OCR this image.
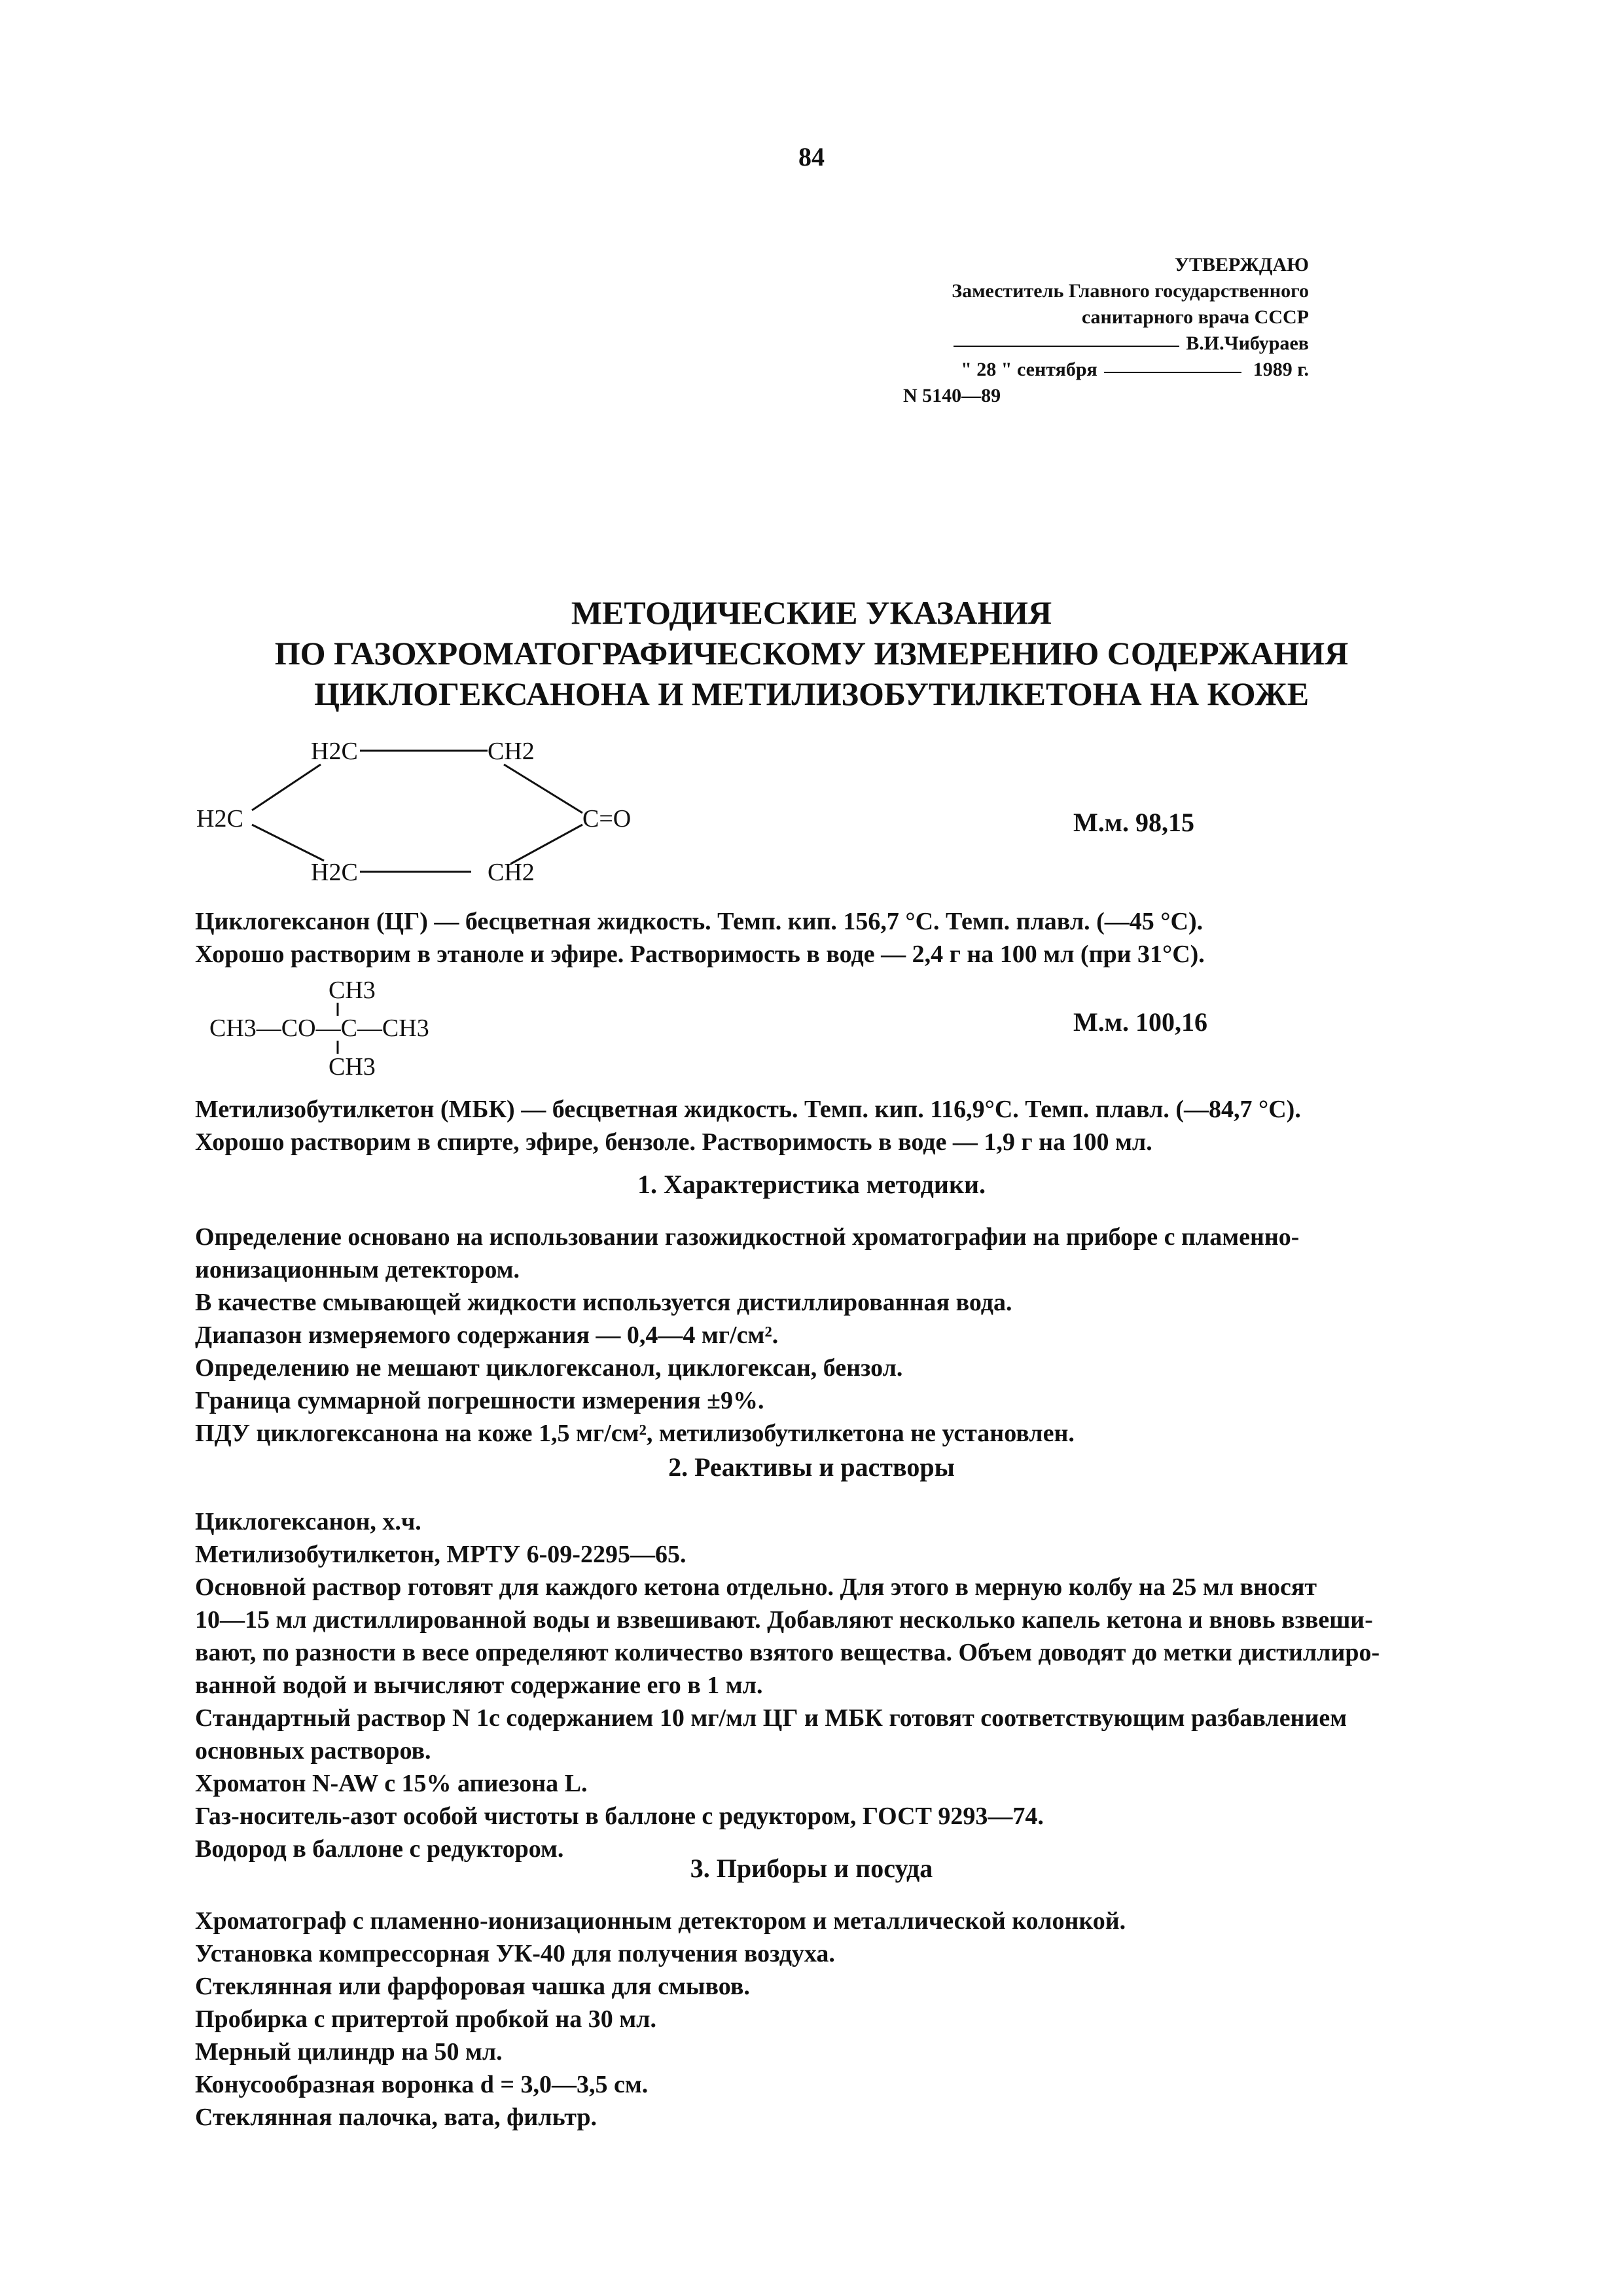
84
УТВЕРЖДАЮ
Заместитель Главного государственного
санитарного врача СССР
В.И.Чибураев
" 28 " сентября	1989 г.
N 5140—89
МЕТОДИЧЕСКИЕ УКАЗАНИЯ
ПО ГАЗОХРОМАТОГРАФИЧЕСКОМУ ИЗМЕРЕНИЮ СОДЕРЖАНИЯ
ЦИКЛОГЕКСАНОНА И МЕТИЛИЗОБУТИЛКЕТОНА НА КОЖЕ
H2C	CH2
H2C	C=O
H2C	CH2
М.м. 98,15
Циклогексанон (ЦГ) — бесцветная жидкость. Темп. кип. 156,7 °С. Темп. плавл. (—45 °С).
Хорошо растворим в этаноле и эфире. Растворимость в воде — 2,4 г на 100 мл (при 31°С).
CH3
CH3—CO—C—CH3
CH3
М.м. 100,16
Метилизобутилкетон (МБК) — бесцветная жидкость. Темп. кип. 116,9°С. Темп. плавл. (—84,7 °С).
Хорошо растворим в спирте, эфире, бензоле. Растворимость в воде — 1,9 г на 100 мл.
1. Характеристика методики.
Определение основано на использовании газожидкостной хроматографии на приборе с пламенно-
ионизационным детектором.
В качестве смывающей жидкости используется дистиллированная вода.
Диапазон измеряемого содержания — 0,4—4 мг/см².
Определению не мешают циклогексанол, циклогексан, бензол.
Граница суммарной погрешности измерения ±9%.
ПДУ циклогексанона на коже 1,5 мг/см², метилизобутилкетона не установлен.
2. Реактивы и растворы
Циклогексанон, х.ч.
Метилизобутилкетон, МРТУ 6-09-2295—65.
Основной раствор готовят для каждого кетона отдельно. Для этого в мерную колбу на 25 мл вносят
10—15 мл дистиллированной воды и взвешивают. Добавляют несколько капель кетона и вновь взвеши-
вают, по разности в весе определяют количество взятого вещества. Объем доводят до метки дистиллиро-
ванной водой и вычисляют содержание его в 1 мл.
Стандартный раствор N 1с содержанием 10 мг/мл ЦГ и МБК готовят соответствующим разбавлением
основных растворов.
Хроматон N-AW с 15% апиезона L.
Газ-носитель-азот особой чистоты в баллоне с редуктором, ГОСТ 9293—74.
Водород в баллоне с редуктором.
3. Приборы и посуда
Хроматограф с пламенно-ионизационным детектором и металлической колонкой.
Установка компрессорная УК-40 для получения воздуха.
Стеклянная или фарфоровая чашка для смывов.
Пробирка с притертой пробкой на 30 мл.
Мерный цилиндр на 50 мл.
Конусообразная воронка d = 3,0—3,5 см.
Стеклянная палочка, вата, фильтр.
